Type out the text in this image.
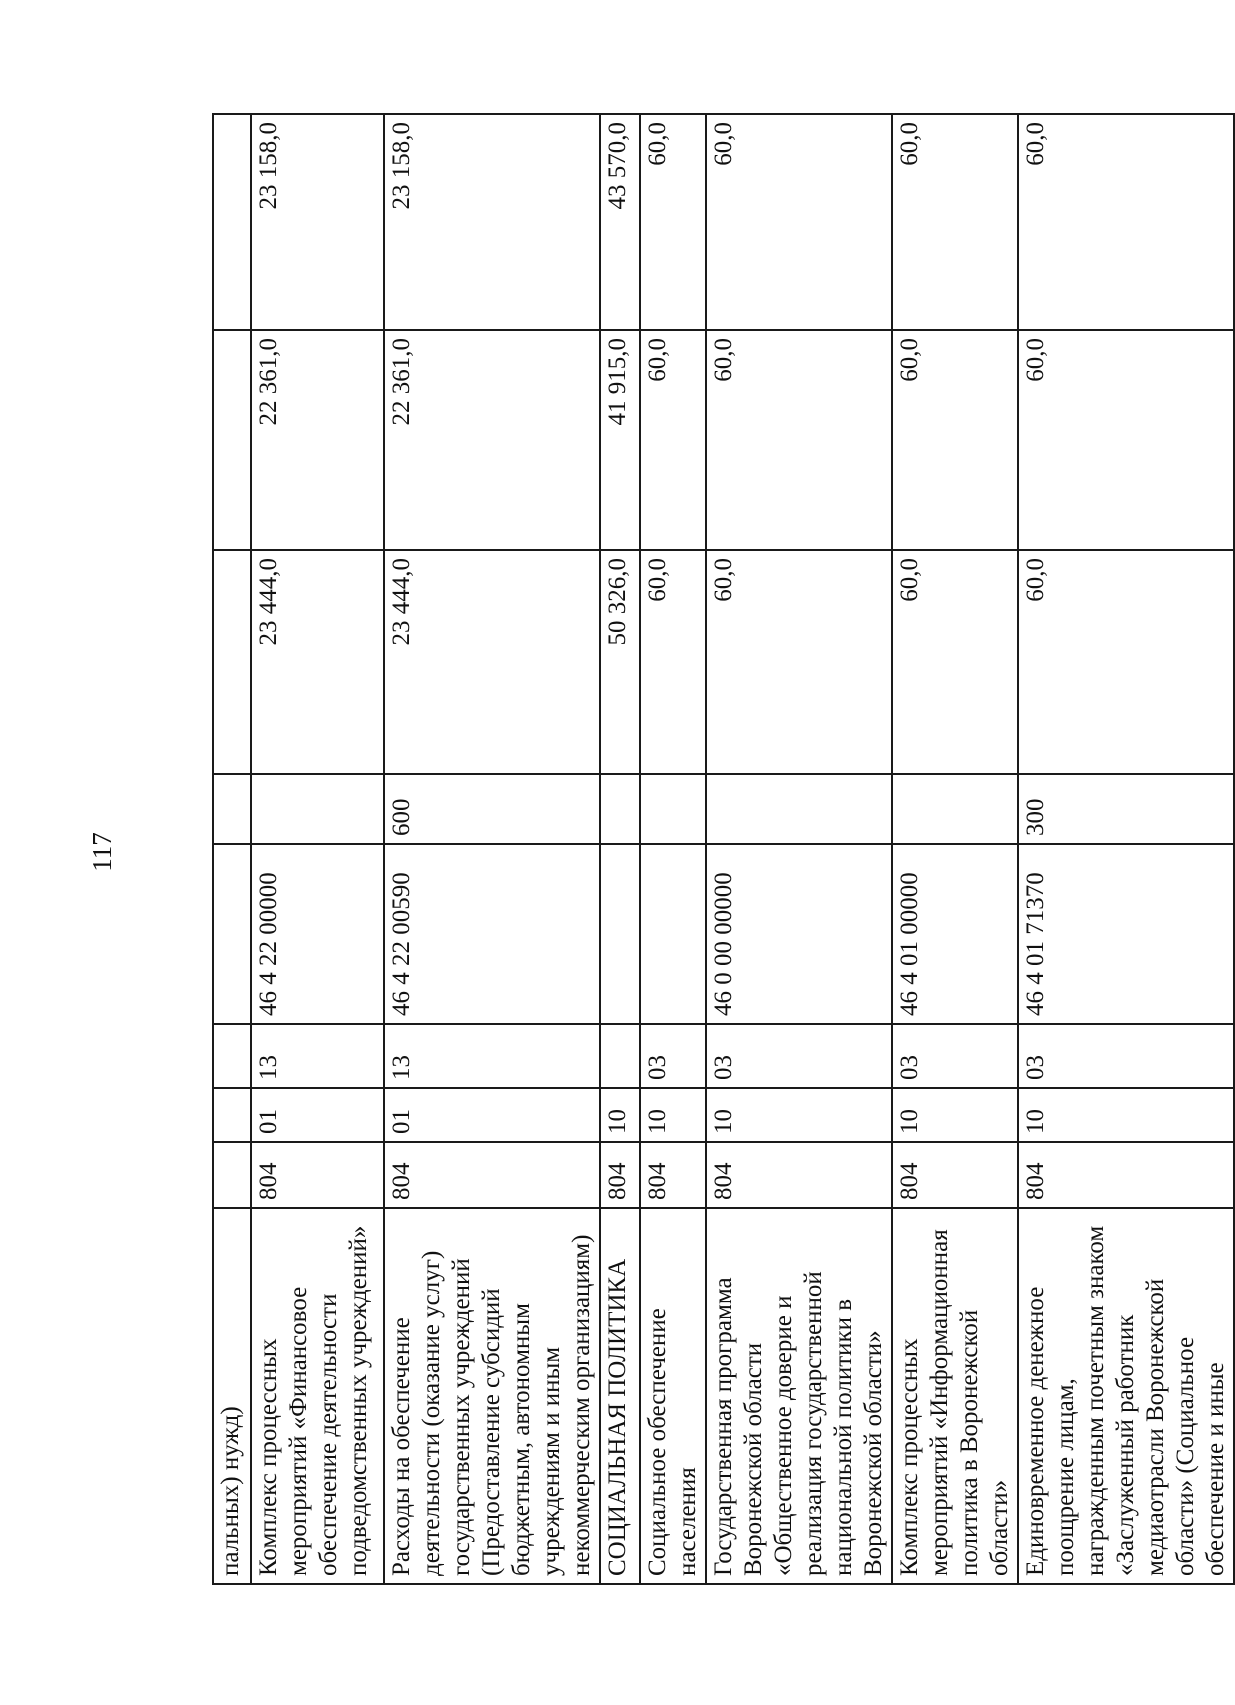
117
пальных) нужд)								
Комплекс процессных мероприятий «Финансовое обеспечение деятельности подведомственных учреждений»	804	01	13	46 4 22 00000		23 444,0	22 361,0	23 158,0
Расходы на обеспечение деятельности (оказание услуг) государственных учреждений (Предоставление субсидий бюджетным, автономным учреждениям и иным некоммерческим организациям)	804	01	13	46 4 22 00590	600	23 444,0	22 361,0	23 158,0
СОЦИАЛЬНАЯ ПОЛИТИКА	804	10				50 326,0	41 915,0	43 570,0
Социальное обеспечение населения	804	10	03			60,0	60,0	60,0
Государственная программа Воронежской области «Общественное доверие и реализация государственной национальной политики в Воронежской области»	804	10	03	46 0 00 00000		60,0	60,0	60,0
Комплекс процессных мероприятий «Информационная политика в Воронежской области»	804	10	03	46 4 01 00000		60,0	60,0	60,0
Единовременное денежное поощрение лицам, награжденным почетным знаком «Заслуженный работник медиаотрасли Воронежской области» (Социальное обеспечение и иные	804	10	03	46 4 01 71370	300	60,0	60,0	60,0
